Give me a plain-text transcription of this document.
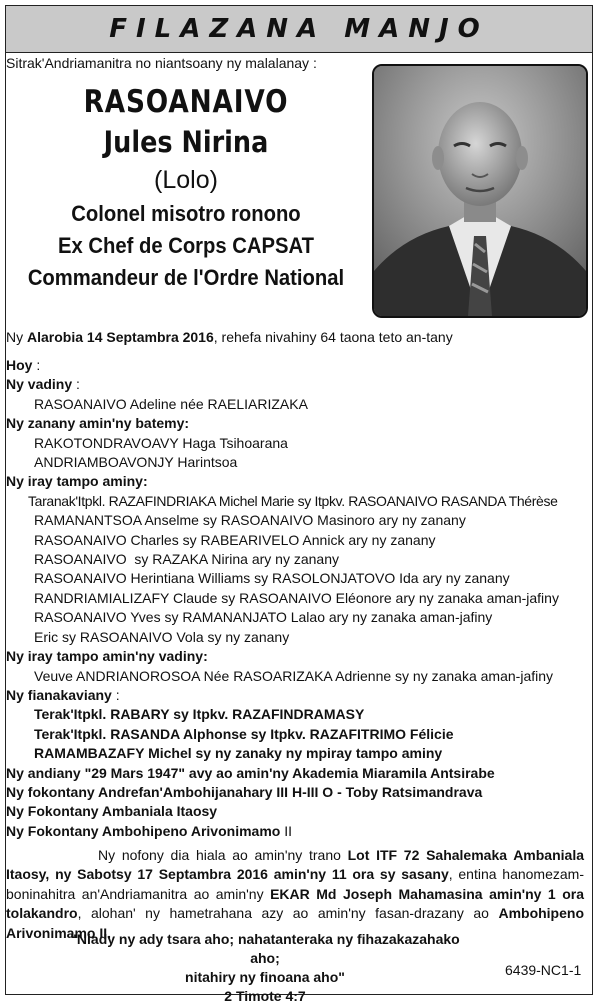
FILAZANA MANJO
Sitrak'Andriamanitra no niantsoany ny malalanay :
RASOANAIVO
Jules Nirina
(Lolo)
Colonel misotro ronono
Ex Chef de Corps CAPSAT
Commandeur de l'Ordre National
Ny Alarobia 14 Septambra 2016, rehefa nivahiny 64 taona teto an-tany
Hoy :
Ny vadiny :
RASOANAIVO Adeline née RAELIARIZAKA
Ny zanany amin'ny batemy:
RAKOTONDRAVOAVY Haga Tsihoarana
ANDRIAMBOAVONJY Harintsoa
Ny iray tampo aminy:
Taranak'Itpkl. RAZAFINDRIAKA Michel Marie sy Itpkv. RASOANAIVO RASANDA Thérèse
RAMANANTSOA Anselme sy RASOANAIVO Masinoro ary ny zanany
RASOANAIVO Charles sy RABEARIVELO Annick ary ny zanany
RASOANAIVO  sy RAZAKA Nirina ary ny zanany
RASOANAIVO Herintiana Williams sy RASOLONJATOVO Ida ary ny zanany
RANDRIAMIALIZAFY Claude sy RASOANAIVO Eléonore ary ny zanaka aman-jafiny
RASOANAIVO Yves sy RAMANANJATO Lalao ary ny zanaka aman-jafiny
Eric sy RASOANAIVO Vola sy ny zanany
Ny iray tampo amin'ny vadiny:
Veuve ANDRIANOROSOA Née RASOARIZAKA Adrienne sy ny zanaka aman-jafiny
Ny fianakaviany :
Terak'Itpkl. RABARY sy Itpkv. RAZAFINDRAMASY
Terak'Itpkl. RASANDA Alphonse sy Itpkv. RAZAFITRIMO Félicie
RAMAMBAZAFY Michel sy ny zanaky ny mpiray tampo aminy
Ny andiany "29 Mars 1947" avy ao amin'ny Akademia Miaramila Antsirabe
Ny fokontany Andrefan'Ambohijanahary III H-III O - Toby Ratsimandrava
Ny Fokontany Ambaniala Itaosy
Ny Fokontany Ambohipeno Arivonimamo II
Ny nofony dia hiala ao amin'ny trano Lot ITF 72 Sahalemaka Ambaniala Itaosy, ny Sabotsy 17 Septambra 2016 amin'ny 11 ora sy sasany, entina hanomezam-boninahitra an'Andriamanitra ao amin'ny EKAR Md Joseph Mahamasina amin'ny 1 ora tolakandro, alohan' ny hametrahana azy ao amin'ny fasan-drazany ao Ambohipeno Arivonimamo II.
"Niady ny ady tsara aho; nahatanteraka ny fihazakazahako aho;
nitahiry ny finoana aho"
2 Timote 4:7
6439-NC1-1
